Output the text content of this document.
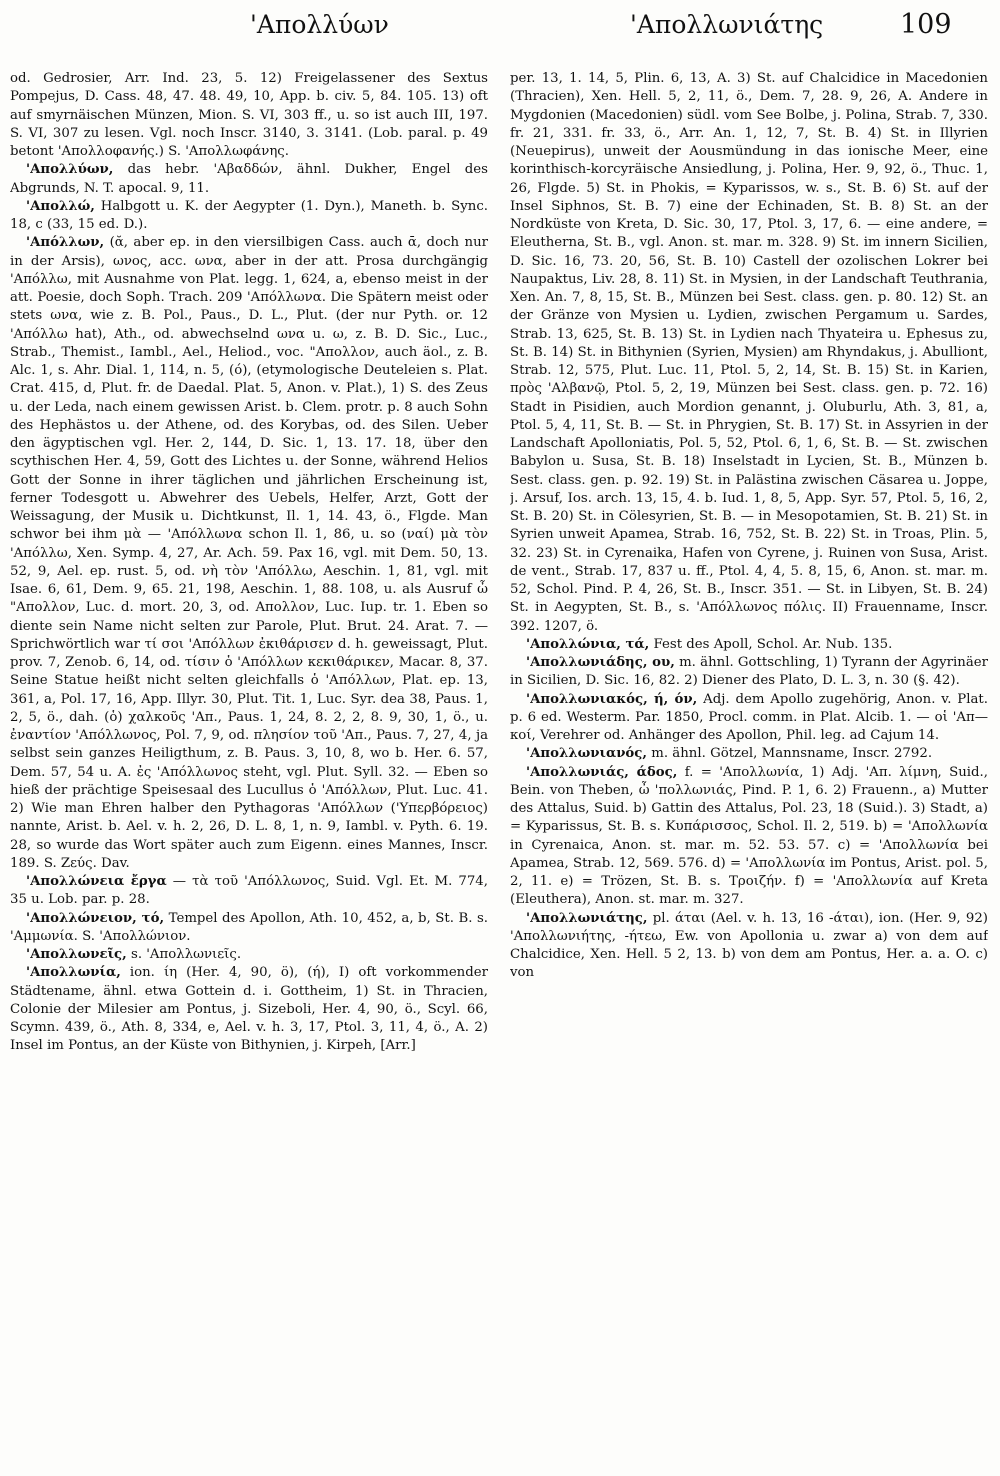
'Απολλύων	'Απολλωνιάτης	109

od. Gedrosier, Arr. Ind. 23, 5. 12) Freigelassener des Sextus Pompejus, D. Cass. 48, 47. 48. 49, 10, App. b. civ. 5, 84. 105. 13) oft auf smyrnäischen Münzen, Mion. S. VI, 303 ff., u. so ist auch III, 197. S. VI, 307 zu lesen. Vgl. noch Inscr. 3140, 3. 3141. (Lob. paral. p. 49 betont 'Απολλοφανής.) S. 'Απολλωφάνης.

'Απολλύων, das hebr. 'Αβαδδών, ähnl. Dukher, Engel des Abgrunds, N. T. apocal. 9, 11.

'Απολλώ, Halbgott u. K. der Aegypter (1. Dyn.), Maneth. b. Sync. 18, c (33, 15 ed. D.).

'Απόλλων, (ᾰ, aber ep. in den viersilbigen Cass. auch ᾱ, doch nur in der Arsis), ωνος, acc. ωνα, aber in der att. Prosa durchgängig 'Απόλλω, mit Ausnahme von Plat. legg. 1, 624, a, ebenso meist in der att. Poesie, doch Soph. Trach. 209 'Απόλλωνα. Die Spätern meist oder stets ωνα, wie z. B. Pol., Paus., D. L., Plut. (der nur Pyth. or. 12 'Απόλλω hat), Ath., od. abwechselnd ωνα u. ω, z. B. D. Sic., Luc., Strab., Themist., Iambl., Ael., Heliod., voc. "Απολλον, auch äol., z. B. Alc. 1, s. Ahr. Dial. 1, 114, n. 5, (ό), (etymologische Deuteleien s. Plat. Crat. 415, d, Plut. fr. de Daedal. Plat. 5, Anon. v. Plat.), 1) S. des Zeus u. der Leda, nach einem gewissen Arist. b. Clem. protr. p. 8 auch Sohn des Hephästos u. der Athene, od. des Korybas, od. des Silen. Ueber den ägyptischen vgl. Her. 2, 144, D. Sic. 1, 13. 17. 18, über den scythischen Her. 4, 59, Gott des Lichtes u. der Sonne, während Helios Gott der Sonne in ihrer täglichen und jährlichen Erscheinung ist, ferner Todesgott u. Abwehrer des Uebels, Helfer, Arzt, Gott der Weissagung, der Musik u. Dichtkunst, Il. 1, 14. 43, ö., Flgde. Man schwor bei ihm μὰ — 'Απόλλωνα schon Il. 1, 86, u. so (ναί) μὰ τὸν 'Απόλλω, Xen. Symp. 4, 27, Ar. Ach. 59. Pax 16, vgl. mit Dem. 50, 13. 52, 9, Ael. ep. rust. 5, od. νὴ τὸν 'Απόλλω, Aeschin. 1, 81, vgl. mit Isae. 6, 61, Dem. 9, 65. 21, 198, Aeschin. 1, 88. 108, u. als Ausruf ὦ "Απολλον, Luc. d. mort. 20, 3, od. Απολλον, Luc. Iup. tr. 1. Eben so diente sein Name nicht selten zur Parole, Plut. Brut. 24. Arat. 7. — Sprichwörtlich war τί σοι 'Απόλλων ἐκιθάρισεν d. h. geweissagt, Plut. prov. 7, Zenob. 6, 14, od. τίσιν ὁ 'Απόλλων κεκιθάρικεν, Macar. 8, 37. Seine Statue heißt nicht selten gleichfalls ὁ 'Απόλλων, Plat. ep. 13, 361, a, Pol. 17, 16, App. Illyr. 30, Plut. Tit. 1, Luc. Syr. dea 38, Paus. 1, 2, 5, ö., dah. (ὁ) χαλκοῦς 'Απ., Paus. 1, 24, 8. 2, 2, 8. 9, 30, 1, ö., u. ἐναντίον 'Απόλλωνος, Pol. 7, 9, od. πλησίον τοῦ 'Απ., Paus. 7, 27, 4, ja selbst sein ganzes Heiligthum, z. B. Paus. 3, 10, 8, wo b. Her. 6. 57, Dem. 57, 54 u. A. ἐς 'Απόλλωνος steht, vgl. Plut. Syll. 32. — Eben so hieß der prächtige Speisesaal des Lucullus ὁ 'Απόλλων, Plut. Luc. 41. 2) Wie man Ehren halber den Pythagoras 'Απόλλων ('Υπερβόρειος) nannte, Arist. b. Ael. v. h. 2, 26, D. L. 8, 1, n. 9, Iambl. v. Pyth. 6. 19. 28, so wurde das Wort später auch zum Eigenn. eines Mannes, Inscr. 189. S. Ζεύς. Dav.

'Απολλώνεια ἔργα — τὰ τοῦ 'Απόλλωνος, Suid. Vgl. Et. M. 774, 35 u. Lob. par. p. 28.

'Απολλώνειον, τό, Tempel des Apollon, Ath. 10, 452, a, b, St. B. s. 'Αμμωνία. S. 'Απολλώνιον.

'Απολλωνεῖς, s. 'Απολλωνιεῖς.

'Απολλωνία, ion. ίη (Her. 4, 90, ö), (ή), I) oft vorkommender Städtename, ähnl. etwa Gottein d. i. Gottheim, 1) St. in Thracien, Colonie der Milesier am Pontus, j. Sizeboli, Her. 4, 90, ö., Scyl. 66, Scymn. 439, ö., Ath. 8, 334, e, Ael. v. h. 3, 17, Ptol. 3, 11, 4, ö., A. 2) Insel im Pontus, an der Küste von Bithynien, j. Kirpeh, [Arr.]

per. 13, 1. 14, 5, Plin. 6, 13, A. 3) St. auf Chalcidice in Macedonien (Thracien), Xen. Hell. 5, 2, 11, ö., Dem. 7, 28. 9, 26, A. Andere in Mygdonien (Macedonien) südl. vom See Bolbe, j. Polina, Strab. 7, 330. fr. 21, 331. fr. 33, ö., Arr. An. 1, 12, 7, St. B. 4) St. in Illyrien (Neuepirus), unweit der Aousmündung in das ionische Meer, eine korinthisch-korcyräische Ansiedlung, j. Polina, Her. 9, 92, ö., Thuc. 1, 26, Flgde. 5) St. in Phokis, = Kyparissos, w. s., St. B. 6) St. auf der Insel Siphnos, St. B. 7) eine der Echinaden, St. B. 8) St. an der Nordküste von Kreta, D. Sic. 30, 17, Ptol. 3, 17, 6. — eine andere, = Eleutherna, St. B., vgl. Anon. st. mar. m. 328. 9) St. im innern Sicilien, D. Sic. 16, 73. 20, 56, St. B. 10) Castell der ozolischen Lokrer bei Naupaktus, Liv. 28, 8. 11) St. in Mysien, in der Landschaft Teuthrania, Xen. An. 7, 8, 15, St. B., Münzen bei Sest. class. gen. p. 80. 12) St. an der Gränze von Mysien u. Lydien, zwischen Pergamum u. Sardes, Strab. 13, 625, St. B. 13) St. in Lydien nach Thyateira u. Ephesus zu, St. B. 14) St. in Bithynien (Syrien, Mysien) am Rhyndakus, j. Abulliont, Strab. 12, 575, Plut. Luc. 11, Ptol. 5, 2, 14, St. B. 15) St. in Karien, πρὸς 'Αλβανῷ, Ptol. 5, 2, 19, Münzen bei Sest. class. gen. p. 72. 16) Stadt in Pisidien, auch Mordion genannt, j. Oluburlu, Ath. 3, 81, a, Ptol. 5, 4, 11, St. B. — St. in Phrygien, St. B. 17) St. in Assyrien in der Landschaft Apolloniatis, Pol. 5, 52, Ptol. 6, 1, 6, St. B. — St. zwischen Babylon u. Susa, St. B. 18) Inselstadt in Lycien, St. B., Münzen b. Sest. class. gen. p. 92. 19) St. in Palästina zwischen Cäsarea u. Joppe, j. Arsuf, Ios. arch. 13, 15, 4. b. Iud. 1, 8, 5, App. Syr. 57, Ptol. 5, 16, 2, St. B. 20) St. in Cölesyrien, St. B. — in Mesopotamien, St. B. 21) St. in Syrien unweit Apamea, Strab. 16, 752, St. B. 22) St. in Troas, Plin. 5, 32. 23) St. in Cyrenaika, Hafen von Cyrene, j. Ruinen von Susa, Arist. de vent., Strab. 17, 837 u. ff., Ptol. 4, 4, 5. 8, 15, 6, Anon. st. mar. m. 52, Schol. Pind. P. 4, 26, St. B., Inscr. 351. — St. in Libyen, St. B. 24) St. in Aegypten, St. B., s. 'Απόλλωνος πόλις. II) Frauenname, Inscr. 392. 1207, ö.

'Απολλώνια, τά, Fest des Apoll, Schol. Ar. Nub. 135.

'Απολλωνιάδης, ου, m. ähnl. Gottschling, 1) Tyrann der Agyrinäer in Sicilien, D. Sic. 16, 82. 2) Diener des Plato, D. L. 3, n. 30 (§. 42).

'Απολλωνιακός, ή, όν, Adj. dem Apollo zugehörig, Anon. v. Plat. p. 6 ed. Westerm. Par. 1850, Procl. comm. in Plat. Alcib. 1. — οἱ 'Απ—κοί, Verehrer od. Anhänger des Apollon, Phil. leg. ad Cajum 14.

'Απολλωνιανός, m. ähnl. Götzel, Mannsname, Inscr. 2792.

'Απολλωνιάς, άδος, f. = 'Απολλωνία, 1) Adj. 'Απ. λίμνη, Suid., Bein. von Theben, ὦ 'πολλωνιάς, Pind. P. 1, 6. 2) Frauenn., a) Mutter des Attalus, Suid. b) Gattin des Attalus, Pol. 23, 18 (Suid.). 3) Stadt, a) = Kyparissus, St. B. s. Κυπάρισσος, Schol. Il. 2, 519. b) = 'Απολλωνία in Cyrenaica, Anon. st. mar. m. 52. 53. 57. c) = 'Απολλωνία bei Apamea, Strab. 12, 569. 576. d) = 'Απολλωνία im Pontus, Arist. pol. 5, 2, 11. e) = Trözen, St. B. s. Τροιζήν. f) = 'Απολλωνία auf Kreta (Eleuthera), Anon. st. mar. m. 327.

'Απολλωνιάτης, pl. άται (Ael. v. h. 13, 16 -άται), ion. (Her. 9, 92) 'Απολλωνιήτης, -ήτεω, Ew. von Apollonia u. zwar a) von dem auf Chalcidice, Xen. Hell. 5 2, 13. b) von dem am Pontus, Her. a. a. O. c) von
